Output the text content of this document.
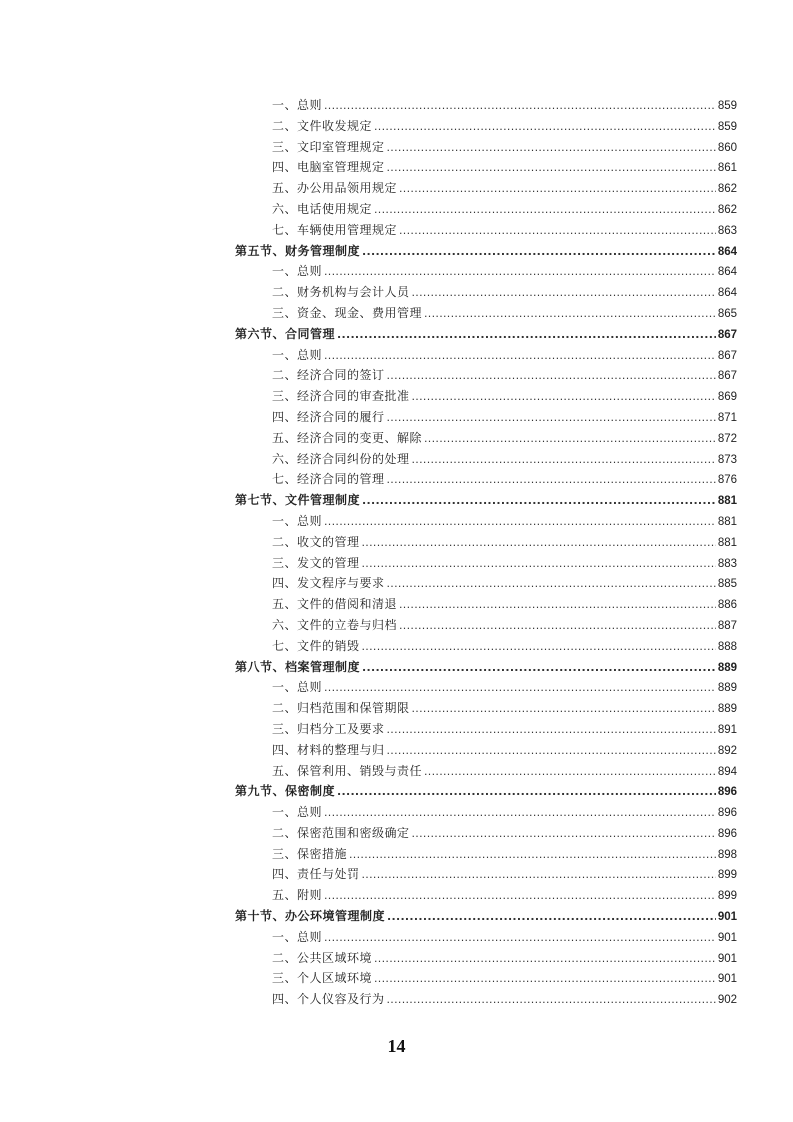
一、总则 .....	859
二、文件收发规定 .....	859
三、文印室管理规定 .....	860
四、电脑室管理规定 .....	861
五、办公用品领用规定 .....	862
六、电话使用规定 .....	862
七、车辆使用管理规定 .....	863
第五节、财务管理制度 .....	864
一、总则 .....	864
二、财务机构与会计人员 .....	864
三、资金、现金、费用管理 .....	865
第六节、合同管理 .....	867
一、总则 .....	867
二、经济合同的签订 .....	867
三、经济合同的审查批准 .....	869
四、经济合同的履行 .....	871
五、经济合同的变更、解除 .....	872
六、经济合同纠份的处理 .....	873
七、经济合同的管理 .....	876
第七节、文件管理制度 .....	881
一、总则 .....	881
二、收文的管理 .....	881
三、发文的管理 .....	883
四、发文程序与要求 .....	885
五、文件的借阅和清退 .....	886
六、文件的立卷与归档 .....	887
七、文件的销毁 .....	888
第八节、档案管理制度 .....	889
一、总则 .....	889
二、归档范围和保管期限 .....	889
三、归档分工及要求 .....	891
四、材料的整理与归 .....	892
五、保管利用、销毁与责任 .....	894
第九节、保密制度 .....	896
一、总则 .....	896
二、保密范围和密级确定 .....	896
三、保密措施 .....	898
四、责任与处罚 .....	899
五、附则 .....	899
第十节、办公环境管理制度 .....	901
一、总则 .....	901
二、公共区域环境 .....	901
三、个人区域环境 .....	901
四、个人仪容及行为 .....	902
14
